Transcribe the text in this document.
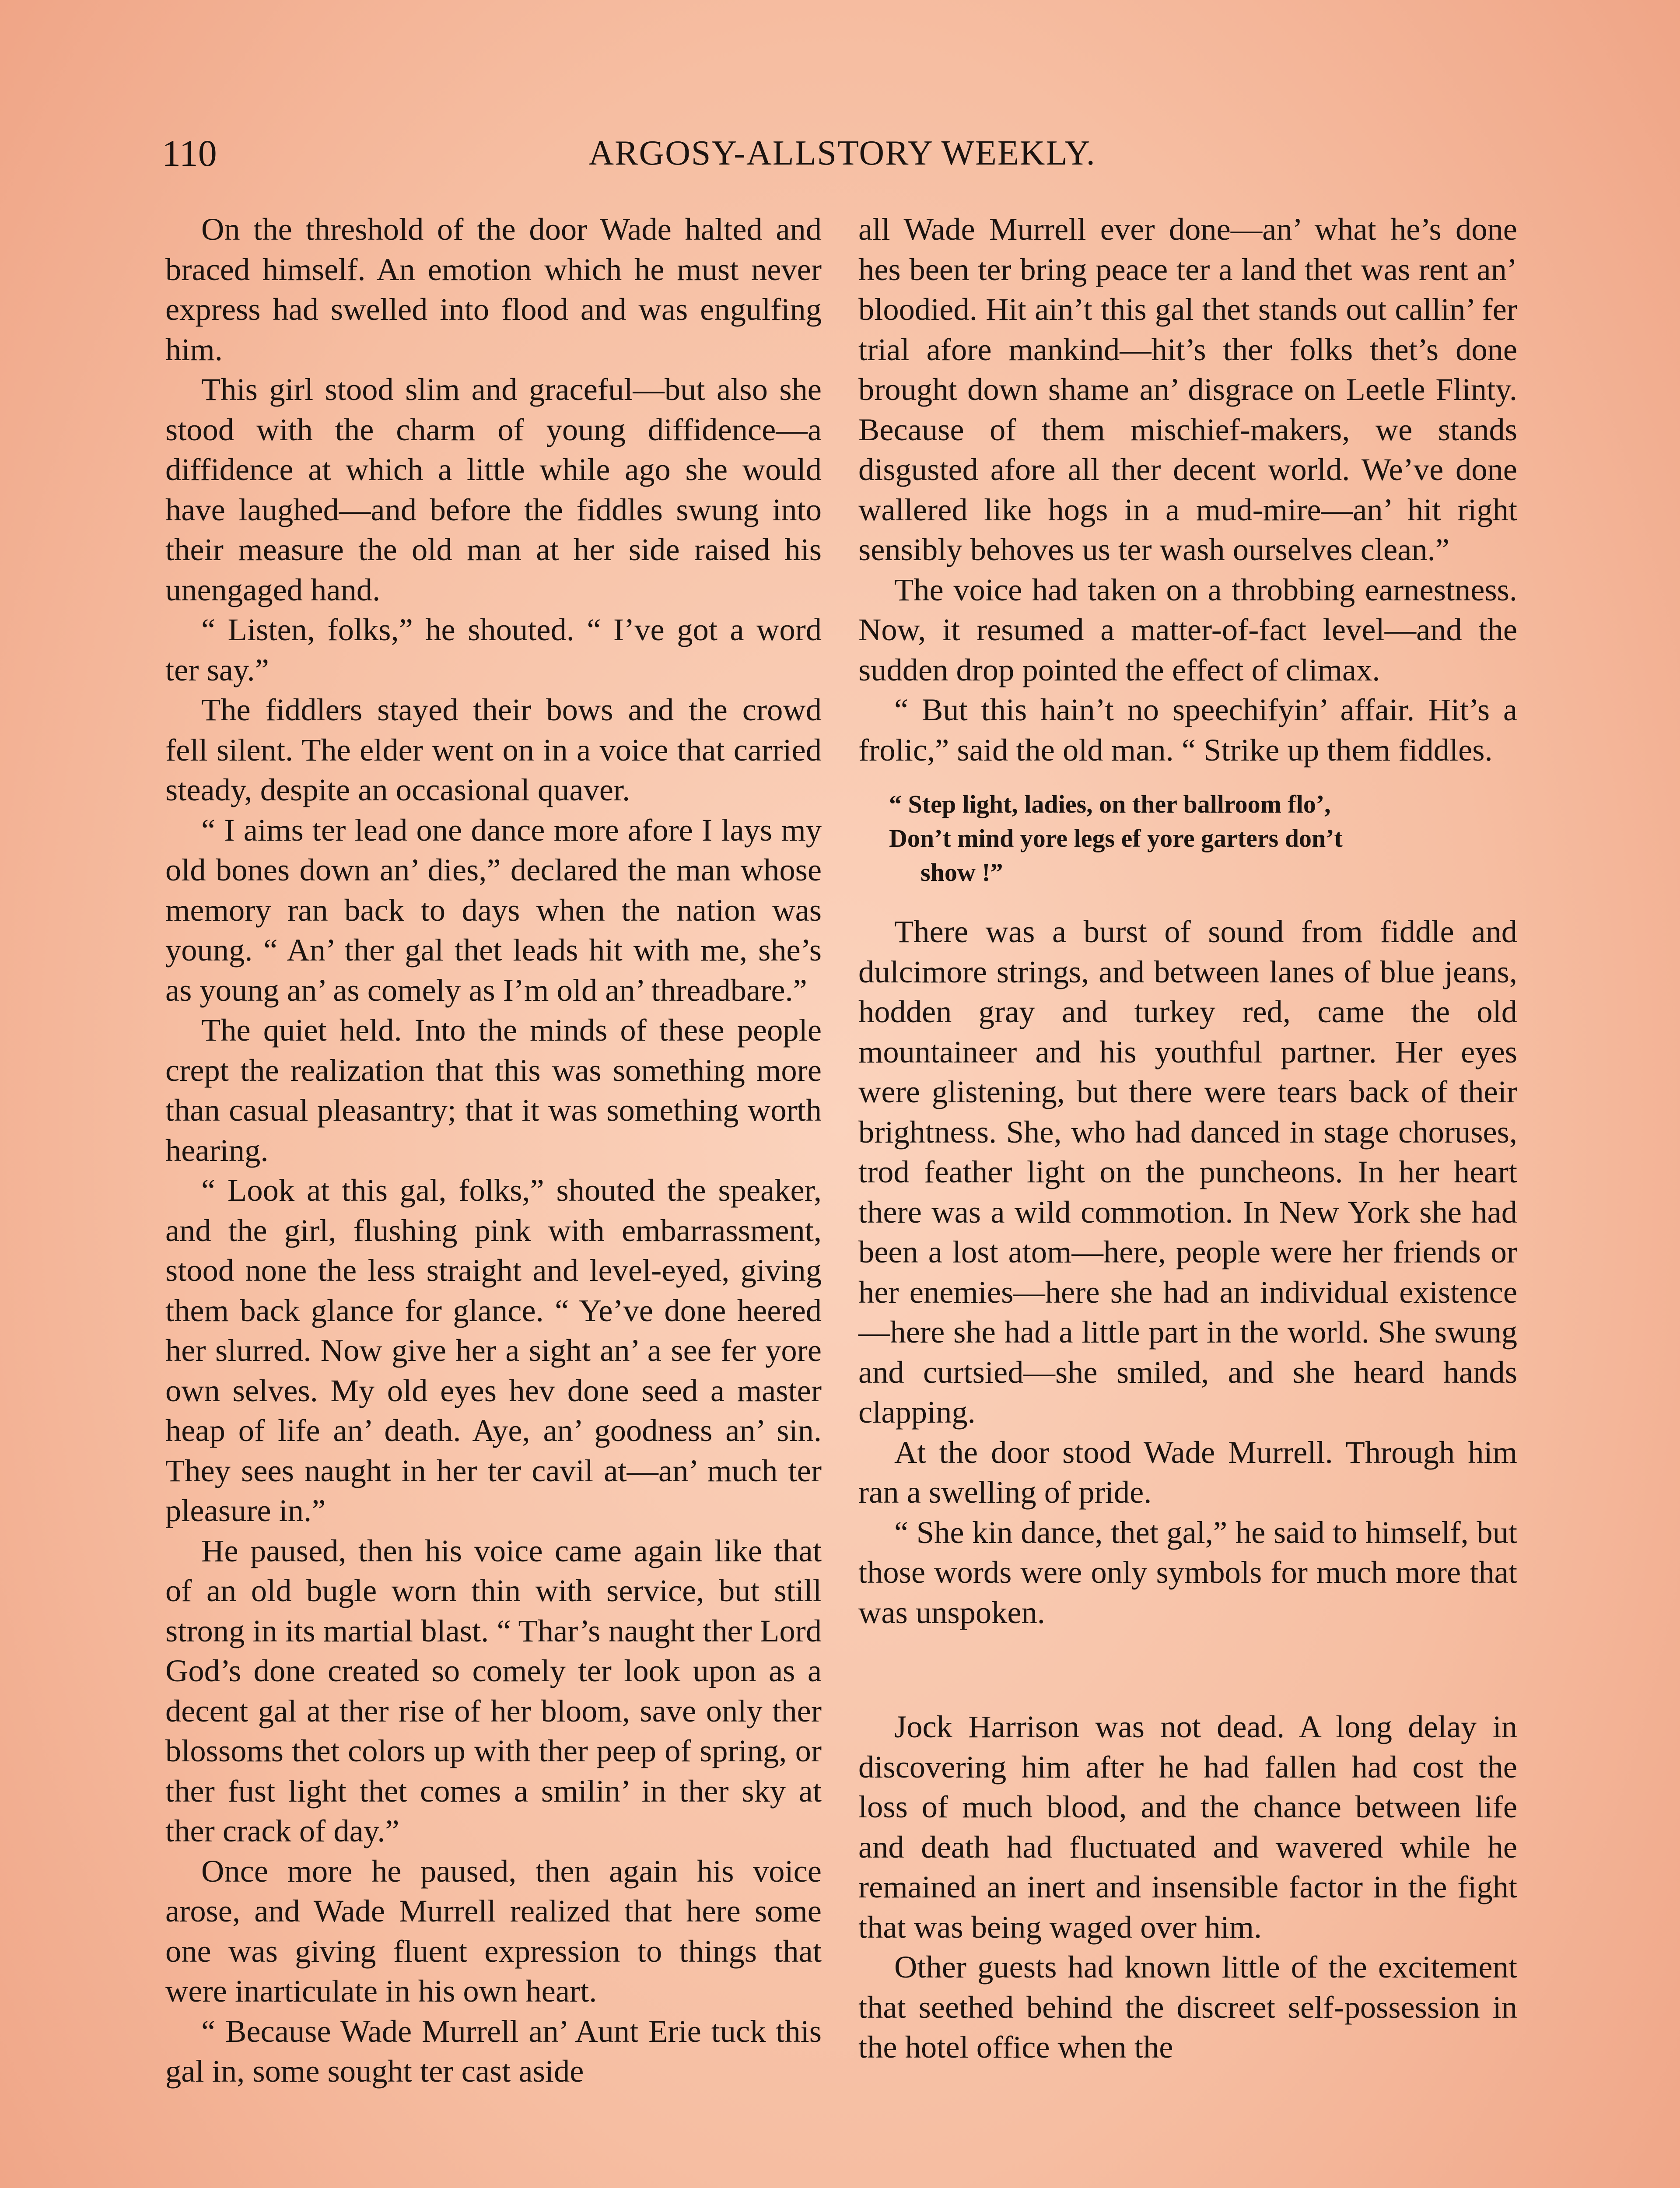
110	ARGOSY-ALLSTORY WEEKLY.

On the threshold of the door Wade halted and braced himself. An emotion which he must never express had swelled into flood and was engulfing him.

This girl stood slim and graceful—but also she stood with the charm of young diffidence—a diffidence at which a little while ago she would have laughed—and before the fiddles swung into their measure the old man at her side raised his unengaged hand.

“ Listen, folks,” he shouted. “ I’ve got a word ter say.”

The fiddlers stayed their bows and the crowd fell silent. The elder went on in a voice that carried steady, despite an occasional quaver.

“ I aims ter lead one dance more afore I lays my old bones down an’ dies,” declared the man whose memory ran back to days when the nation was young. “ An’ ther gal thet leads hit with me, she’s as young an’ as comely as I’m old an’ threadbare.”

The quiet held. Into the minds of these people crept the realization that this was something more than casual pleasantry; that it was something worth hearing.

“ Look at this gal, folks,” shouted the speaker, and the girl, flushing pink with embarrassment, stood none the less straight and level-eyed, giving them back glance for glance. “ Ye’ve done heered her slurred. Now give her a sight an’ a see fer yore own selves. My old eyes hev done seed a master heap of life an’ death. Aye, an’ goodness an’ sin. They sees naught in her ter cavil at—an’ much ter pleasure in.”

He paused, then his voice came again like that of an old bugle worn thin with service, but still strong in its martial blast. “ Thar’s naught ther Lord God’s done created so comely ter look upon as a decent gal at ther rise of her bloom, save only ther blossoms thet colors up with ther peep of spring, or ther fust light thet comes a smilin’ in ther sky at ther crack of day.”

Once more he paused, then again his voice arose, and Wade Murrell realized that here some one was giving fluent expression to things that were inarticulate in his own heart.

“ Because Wade Murrell an’ Aunt Erie tuck this gal in, some sought ter cast aside

all Wade Murrell ever done—an’ what he’s done hes been ter bring peace ter a land thet was rent an’ bloodied. Hit ain’t this gal thet stands out callin’ fer trial afore mankind—hit’s ther folks thet’s done brought down shame an’ disgrace on Leetle Flinty. Because of them mischief-makers, we stands disgusted afore all ther decent world. We’ve done wallered like hogs in a mud-mire—an’ hit right sensibly behoves us ter wash ourselves clean.”

The voice had taken on a throbbing earnestness. Now, it resumed a matter-of-fact level—and the sudden drop pointed the effect of climax.

“ But this hain’t no speechifyin’ affair. Hit’s a frolic,” said the old man. “ Strike up them fiddles.

“ Step light, ladies, on ther ballroom flo’,
Don’t mind yore legs ef yore garters don’t
show !”

There was a burst of sound from fiddle and dulcimore strings, and between lanes of blue jeans, hodden gray and turkey red, came the old mountaineer and his youthful partner. Her eyes were glistening, but there were tears back of their brightness. She, who had danced in stage choruses, trod feather light on the puncheons. In her heart there was a wild commotion. In New York she had been a lost atom—here, people were her friends or her enemies—here she had an individual existence—here she had a little part in the world. She swung and curtsied—she smiled, and she heard hands clapping.

At the door stood Wade Murrell. Through him ran a swelling of pride.

“ She kin dance, thet gal,” he said to himself, but those words were only symbols for much more that was unspoken.

Jock Harrison was not dead. A long delay in discovering him after he had fallen had cost the loss of much blood, and the chance between life and death had fluctuated and wavered while he remained an inert and insensible factor in the fight that was being waged over him.

Other guests had known little of the excitement that seethed behind the discreet self-possession in the hotel office when the
